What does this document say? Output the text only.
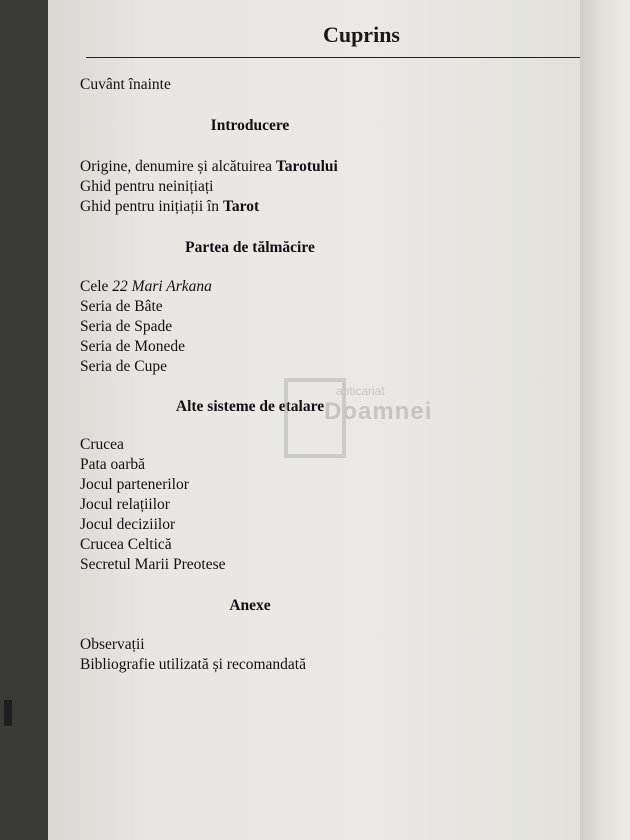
Cuprins
Cuvânt înainte
Introducere
Origine, denumire și alcătuirea Tarotului
Ghid pentru neinițiați
Ghid pentru inițiații în Tarot
Partea de tălmăcire
Cele 22 Mari Arkana
Seria de Bâte
Seria de Spade
Seria de Monede
Seria de Cupe
Alte sisteme de etalare
Crucea
Pata oarbă
Jocul partenerilor
Jocul relațiilor
Jocul deciziilor
Crucea Celtică
Secretul Marii Preotese
Anexe
Observații
Bibliografie utilizată și recomandată
anticariat
Doamnei
